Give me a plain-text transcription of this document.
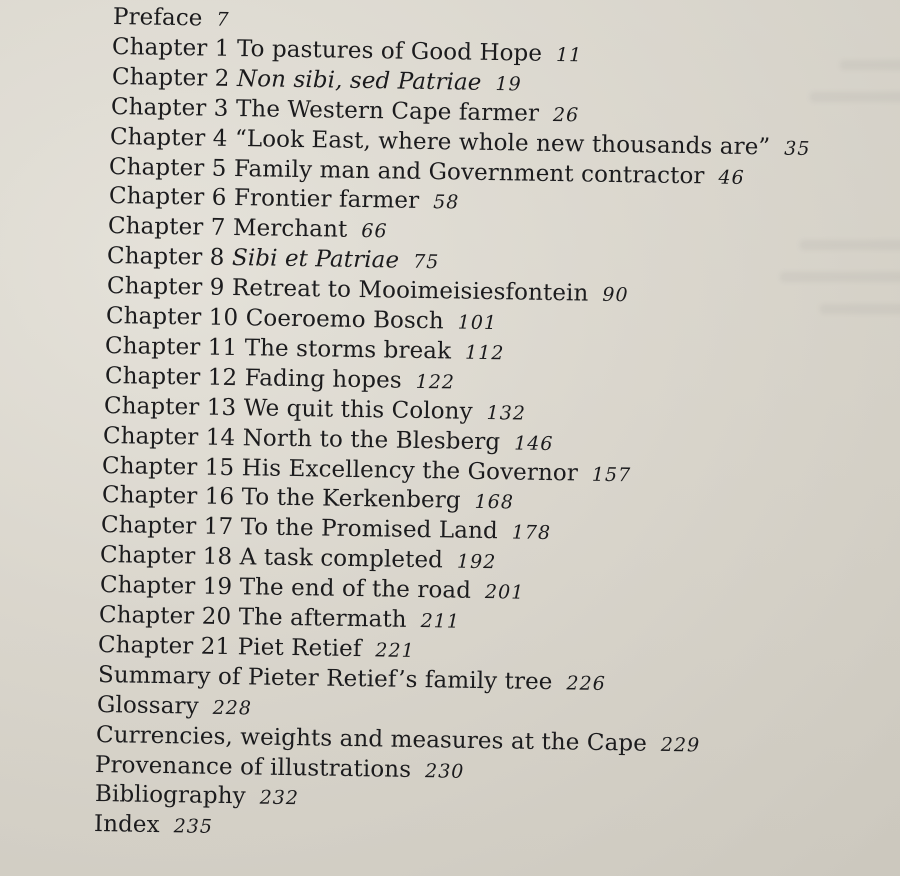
Preface 7
Chapter 1 To pastures of Good Hope 11
Chapter 2 Non sibi, sed Patriae 19
Chapter 3 The Western Cape farmer 26
Chapter 4 “Look East, where whole new thousands are” 35
Chapter 5 Family man and Government contractor 46
Chapter 6 Frontier farmer 58
Chapter 7 Merchant 66
Chapter 8 Sibi et Patriae 75
Chapter 9 Retreat to Mooimeisiesfontein 90
Chapter 10 Coeroemo Bosch 101
Chapter 11 The storms break 112
Chapter 12 Fading hopes 122
Chapter 13 We quit this Colony 132
Chapter 14 North to the Blesberg 146
Chapter 15 His Excellency the Governor 157
Chapter 16 To the Kerkenberg 168
Chapter 17 To the Promised Land 178
Chapter 18 A task completed 192
Chapter 19 The end of the road 201
Chapter 20 The aftermath 211
Chapter 21 Piet Retief 221
Summary of Pieter Retief’s family tree 226
Glossary 228
Currencies, weights and measures at the Cape 229
Provenance of illustrations 230
Bibliography 232
Index 235
